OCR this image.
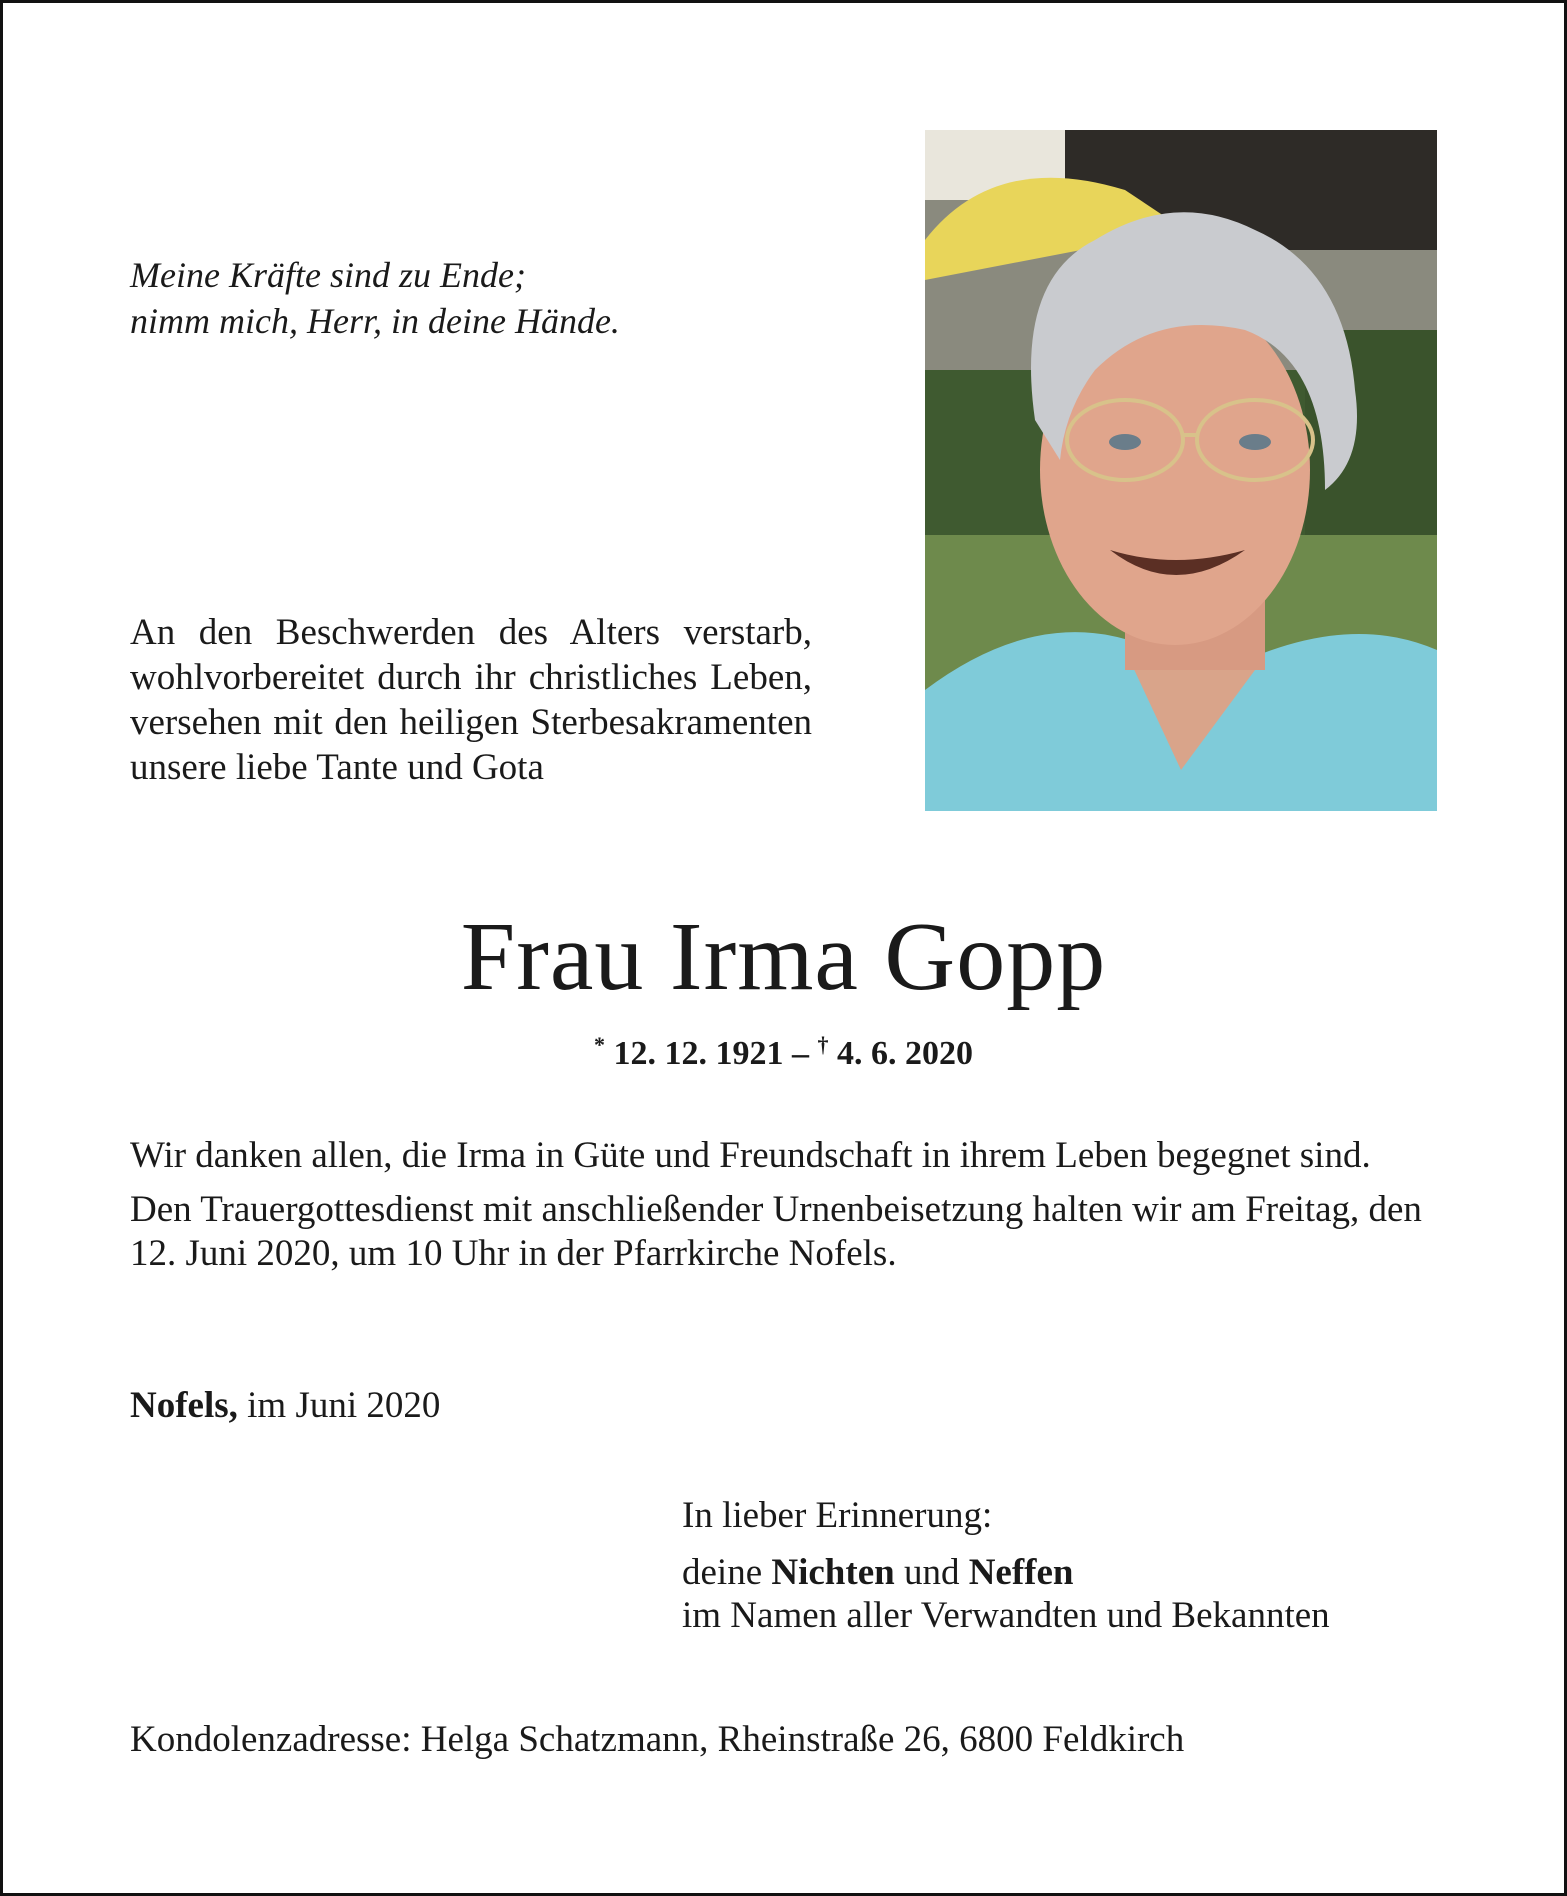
Meine Kräfte sind zu Ende;
nimm mich, Herr, in deine Hände.
An den Beschwerden des Alters verstarb, wohlvorbereitet durch ihr christliches Leben, versehen mit den heiligen Sterbesakramenten unsere liebe Tante und Gota
Frau Irma Gopp
* 12. 12. 1921 – † 4. 6. 2020

Wir danken allen, die Irma in Güte und Freundschaft in ihrem Leben begegnet sind.

Den Trauergottesdienst mit anschließender Urnenbeisetzung halten wir am Freitag, den 12. Juni 2020, um 10 Uhr in der Pfarrkirche Nofels.

Nofels, im Juni 2020
In lieber Erinnerung:
deine Nichten und Neffen
im Namen aller Verwandten und Bekannten
Kondolenzadresse: Helga Schatzmann, Rheinstraße 26, 6800 Feldkirch
